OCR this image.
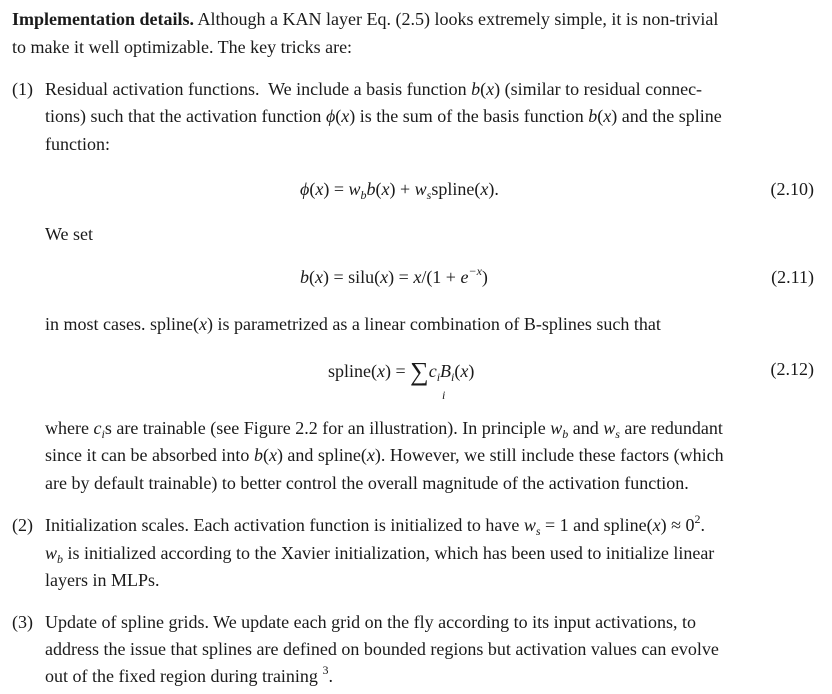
Implementation details. Although a KAN layer Eq. (2.5) looks extremely simple, it is non-trivial
to make it well optimizable. The key tricks are:
(1) Residual activation functions.  We include a basis function b(x) (similar to residual connec-
tions) such that the activation function ϕ(x) is the sum of the basis function b(x) and the spline
function:
$\phi(x) = w_bb(x)$ + $w_sspline(x)$.	(2.10)
We set
b(x) = silu(x) = $x/(1 + e^{-x})$	(2.11)
in most cases. spline(x) is parametrized as a linear combination of B-splines such that
spline(x) = $\sum c_iB_i(x)$
i
(2.12)
where $c_is$ are trainable (see Figure 2.2 for an illustration). In principle $w_b$ and $w_s$ are redundant
since it can be absorbed into b(x) and spline(x). However, we still include these factors (which
are by default trainable) to better control the overall magnitude of the activation function.
(2) Initialization scales. Each activation function is initialized to have $w_s = 1$ and spline(x) ≈ $0^2$.
$w_b$ is initialized according to the Xavier initialization, which has been used to initialize linear
layers in MLPs.
(3) Update of spline grids. We update each grid on the fly according to its input activations, to
address the issue that splines are defined on bounded regions but activation values can evolve
out of the fixed region during training $^3$.
